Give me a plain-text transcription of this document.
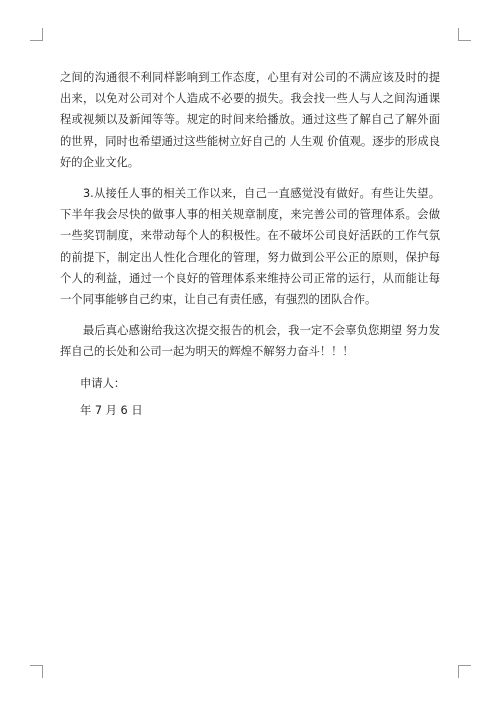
之间的沟通很不利同样影响到工作态度，心里有对公司的不满应该及时的提出来，以免对公司对个人造成不必要的损失。我会找一些人与人之间沟通课程或视频以及新闻等等。规定的时间来给播放。通过这些了解自己了解外面的世界，同时也希望通过这些能树立好自己的 人生观 价值观。逐步的形成良好的企业文化。

3.从接任人事的相关工作以来，自己一直感觉没有做好。有些让失望。下半年我会尽快的做事人事的相关规章制度，来完善公司的管理体系。会做一些奖罚制度，来带动每个人的积极性。在不破坏公司良好活跃的工作气氛的前提下，制定出人性化合理化的管理，努力做到公平公正的原则，保护每个人的利益，通过一个良好的管理体系来维持公司正常的运行，从而能让每一个同事能够自己约束，让自己有责任感，有强烈的团队合作。

最后真心感谢给我这次提交报告的机会，我一定不会辜负您期望 努力发挥自己的长处和公司一起为明天的辉煌不解努力奋斗！！！

申请人：

年 7 月 6 日
